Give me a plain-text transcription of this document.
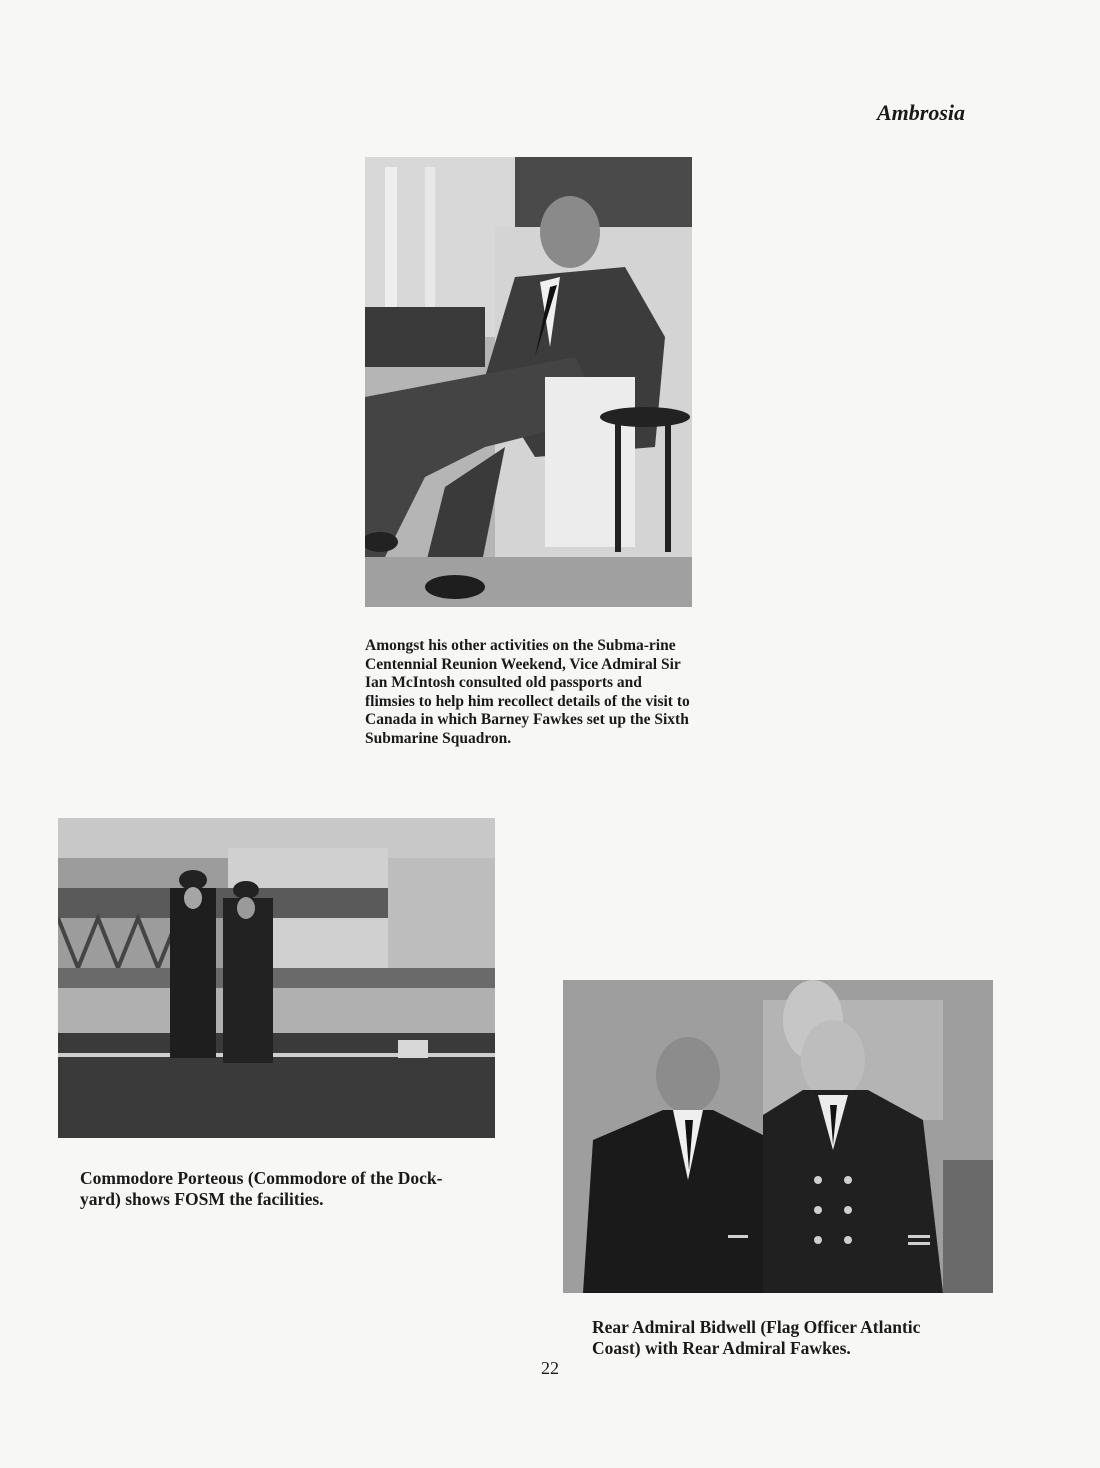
Ambrosia
Amongst his other activities on the Subma-rine Centennial Reunion Weekend, Vice Admiral Sir Ian McIntosh consulted old passports and flimsies to help him recollect details of the visit to Canada in which Barney Fawkes set up the Sixth Submarine Squadron.
Commodore Porteous (Commodore of the Dock-yard) shows FOSM the facilities.
Rear Admiral Bidwell (Flag Officer Atlantic Coast) with Rear Admiral Fawkes.
22
